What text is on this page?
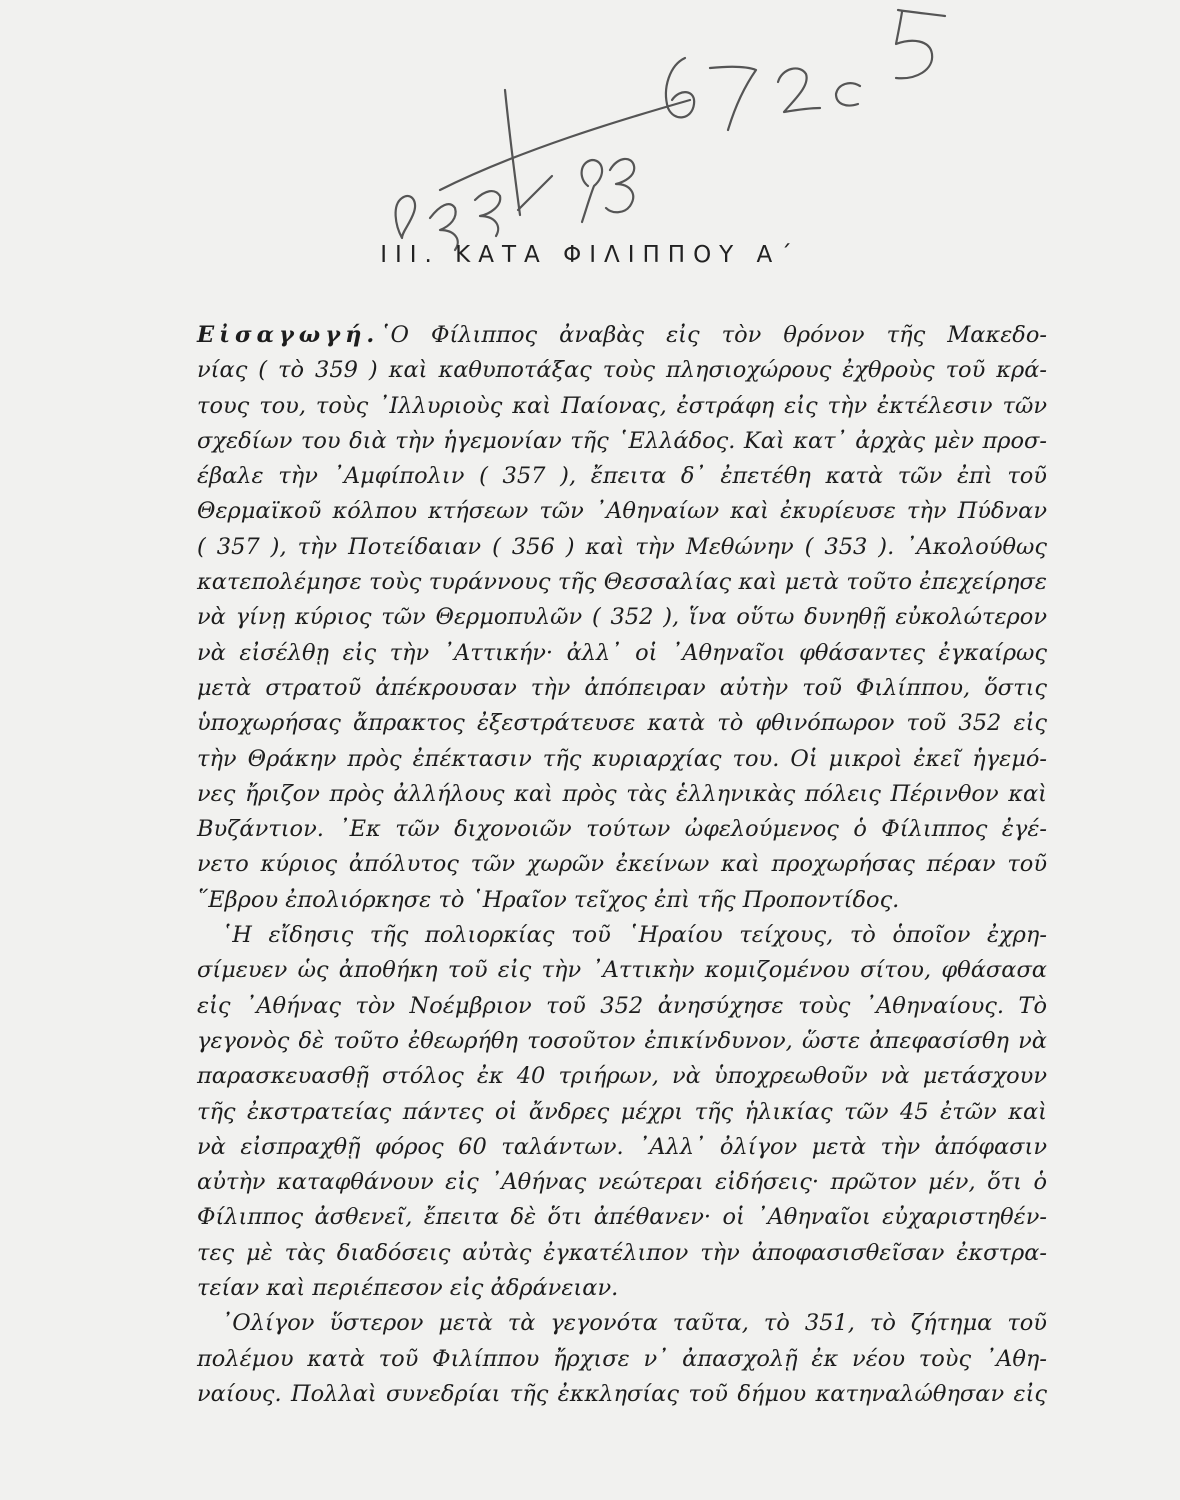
III. ΚΑΤΑ ΦΙΛΙΠΠΟΥ Α΄
Εἰσαγωγή.῾Ο Φίλιππος ἀναβὰς εἰς τὸν θρόνον τῆς Μακεδο-
νίας ( τὸ 359 ) καὶ καθυποτάξας τοὺς πλησιοχώρους ἐχθροὺς τοῦ κρά-
τους του, τοὺς ᾿Ιλλυριοὺς καὶ Παίονας, ἐστράφη εἰς τὴν ἐκτέλεσιν τῶν
σχεδίων του διὰ τὴν ἡγεμονίαν τῆς ῾Ελλάδος. Καὶ κατ᾿ ἀρχὰς μὲν προσ-
έβαλε τὴν ᾿Αμφίπολιν ( 357 ), ἔπειτα δ᾿ ἐπετέθη κατὰ τῶν ἐπὶ τοῦ
Θερμαϊκοῦ κόλπου κτήσεων τῶν ᾿Αθηναίων καὶ ἐκυρίευσε τὴν Πύδναν
( 357 ), τὴν Ποτείδαιαν ( 356 ) καὶ τὴν Μεθώνην ( 353 ). ᾿Ακολούθως
κατεπολέμησε τοὺς τυράννους τῆς Θεσσαλίας καὶ μετὰ τοῦτο ἐπεχείρησε
νὰ γίνῃ κύριος τῶν Θερμοπυλῶν ( 352 ), ἵνα οὕτω δυνηθῇ εὐκολώτερον
νὰ εἰσέλθῃ εἰς τὴν ᾿Αττικήν· ἀλλ᾿ οἱ ᾿Αθηναῖοι φθάσαντες ἐγκαίρως
μετὰ στρατοῦ ἀπέκρουσαν τὴν ἀπόπειραν αὐτὴν τοῦ Φιλίππου, ὅστις
ὑποχωρήσας ἄπρακτος ἐξεστράτευσε κατὰ τὸ φθινόπωρον τοῦ 352 εἰς
τὴν Θράκην πρὸς ἐπέκτασιν τῆς κυριαρχίας του. Οἱ μικροὶ ἐκεῖ ἡγεμό-
νες ἤριζον πρὸς ἀλλήλους καὶ πρὸς τὰς ἑλληνικὰς πόλεις Πέρινθον καὶ
Βυζάντιον. ᾿Εκ τῶν διχονοιῶν τούτων ὠφελούμενος ὁ Φίλιππος ἐγέ-
νετο κύριος ἀπόλυτος τῶν χωρῶν ἐκείνων καὶ προχωρήσας πέραν τοῦ
῞Εβρου ἐπολιόρκησε τὸ ῾Ηραῖον τεῖχος ἐπὶ τῆς Προποντίδος.
῾Η εἴδησις τῆς πολιορκίας τοῦ ῾Ηραίου τείχους, τὸ ὁποῖον ἐχρη-
σίμευεν ὡς ἀποθήκη τοῦ εἰς τὴν ᾿Αττικὴν κομιζομένου σίτου, φθάσασα
εἰς ᾿Αθήνας τὸν Νοέμβριον τοῦ 352 ἀνησύχησε τοὺς ᾿Αθηναίους. Τὸ
γεγονὸς δὲ τοῦτο ἐθεωρήθη τοσοῦτον ἐπικίνδυνον, ὥστε ἀπεφασίσθη νὰ
παρασκευασθῇ στόλος ἐκ 40 τριήρων, νὰ ὑποχρεωθοῦν νὰ μετάσχουν
τῆς ἐκστρατείας πάντες οἱ ἄνδρες μέχρι τῆς ἡλικίας τῶν 45 ἐτῶν καὶ
νὰ εἰσπραχθῇ φόρος 60 ταλάντων. ᾿Αλλ᾿ ὀλίγον μετὰ τὴν ἀπόφασιν
αὐτὴν καταφθάνουν εἰς ᾿Αθήνας νεώτεραι εἰδήσεις· πρῶτον μέν, ὅτι ὁ
Φίλιππος ἀσθενεῖ, ἔπειτα δὲ ὅτι ἀπέθανεν· οἱ ᾿Αθηναῖοι εὐχαριστηθέν-
τες μὲ τὰς διαδόσεις αὐτὰς ἐγκατέλιπον τὴν ἀποφασισθεῖσαν ἐκστρα-
τείαν καὶ περιέπεσον εἰς ἀδράνειαν.
᾿Ολίγον ὕστερον μετὰ τὰ γεγονότα ταῦτα, τὸ 351, τὸ ζήτημα τοῦ
πολέμου κατὰ τοῦ Φιλίππου ἤρχισε ν᾿ ἀπασχολῇ ἐκ νέου τοὺς ᾿Αθη-
ναίους. Πολλαὶ συνεδρίαι τῆς ἐκκλησίας τοῦ δήμου κατηναλώθησαν εἰς
